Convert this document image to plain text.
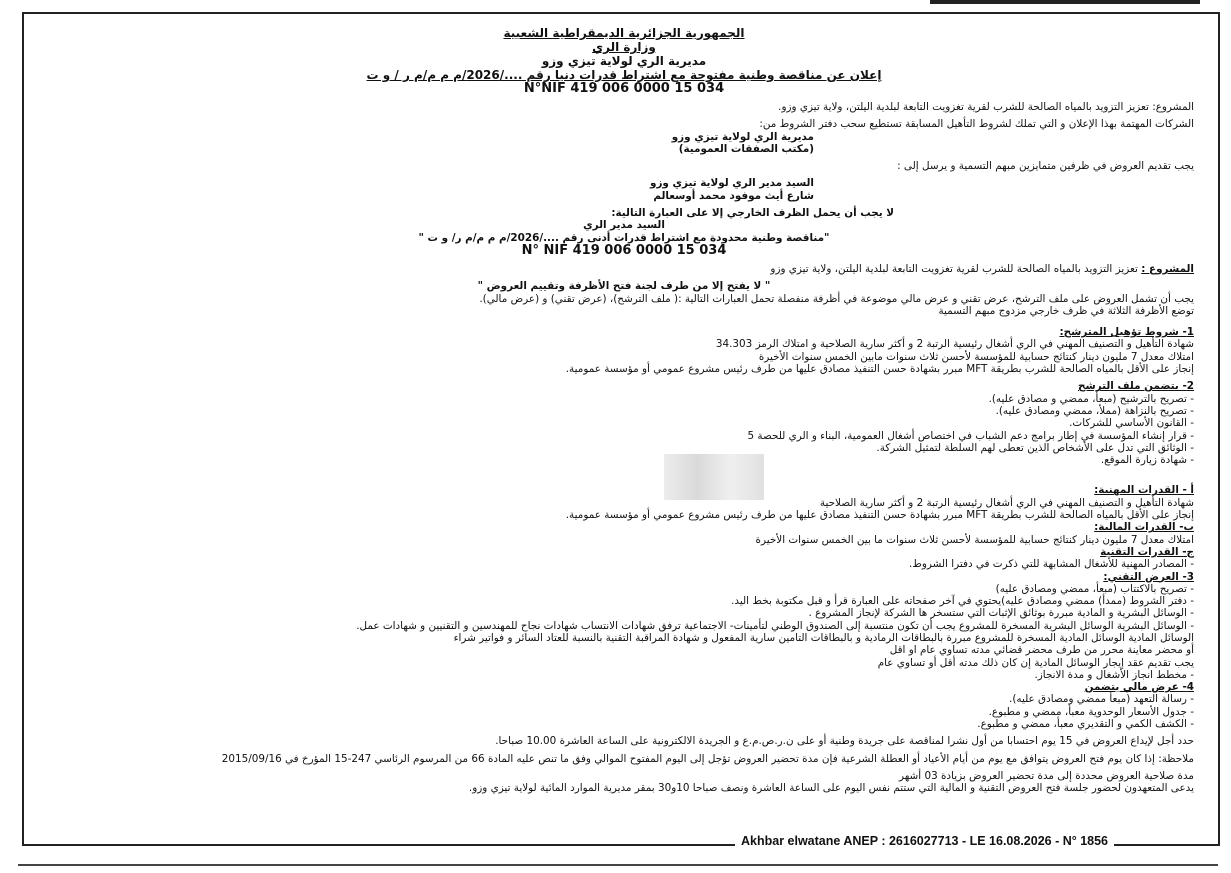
الجمهورية الجزائرية الديمقراطية الشعبية

وزارة الري

مديرية الري لولاية تيزي وزو

إعلان عن مناقصة وطنية مفتوحة مع اشتراط قدرات دنيا رقم ..../2026/م م م/م ر / و ت

N°NIF 419 006 0000 15 034

المشروع: تعزيز التزويد بالمياه الصالحة للشرب لقرية تغزويت التابعة لبلدية اليلتن، ولاية تيزي وزو.

الشركات المهتمة بهذا الإعلان و التي تملك لشروط التأهيل المسابقة تستطيع سحب دفتر الشروط من:

مديرية الري لولاية تيزي وزو

(مكتب الصفقات العمومية)

يجب تقديم العروض في ظرفين متمايزين مبهم التسمية و يرسل إلى :

السيد مدير الري لولاية تيزي وزو

شارع أيث موفود محمد أوسعالم

لا يجب أن يحمل الظرف الخارجي إلا على العبارة التالية:

السيد مدير الري

"مناقصة وطنية محدودة مع اشتراط قدرات أدنى رقم ..../2026/م م م/م ر/ و ت "

N° NIF 419 006 0000 15 034

المشروع : تعزيز التزويد بالمياه الصالحة للشرب لقرية تغزويت التابعة لبلدية اليلتن، ولاية تيزي وزو

" لا يفتح إلا من طرف لجنة فتح الأظرفة وتقييم العروض "

يجب أن تشمل العروض على ملف الترشح، عرض تقني و عرض مالي موضوعة في أظرفة منفصلة تحمل العبارات التالية :( ملف الترشح)، (عرض تقني) و (عرض مالي).

توضع الأظرفة الثلاثة في ظرف خارجي مزدوج مبهم التسمية

1- شروط تؤهيل المترشح:

شهادة التأهيل و التصنيف المهني في الري أشغال رئيسية الرتبة 2 و أكثر سارية الصلاحية و امتلاك الرمز 34.303

امتلاك معدل 7 مليون دينار كنتائج حسابية للمؤسسة لأحسن ثلاث سنوات مابين الخمس سنوات الأخيرة

إنجاز على الأقل بالمياه الصالحة للشرب بطريقة MFT مبرر بشهادة حسن التنفيذ مصادق عليها من طرف رئيس مشروع عمومي أو مؤسسة عمومية.

2- يتضمن ملف الترشح

- تصريح بالترشيح (مبعأ، ممضي و مصادق عليه).

- تصريح بالنزاهة (مملأ، ممضي ومصادق عليه).

- القانون الأساسي للشركات.

- قرار إنشاء المؤسسة في إطار برامج دعم الشباب في اختصاص أشغال العمومية، البناء و الري للحصة 5

- الوثائق التي تدل على الأشخاص الذين تعطى لهم السلطة لتمثيل الشركة.

- شهادة زيارة الموقع.

أ - القدرات المهنية:

شهادة التأهيل و التصنيف المهني في الري أشغال رئيسية الرتبة 2 و أكثر سارية الصلاحية

إنجاز على الأقل بالمياه الصالحة للشرب بطريقة MFT مبرر بشهادة حسن التنفيذ مصادق عليها من طرف رئيس مشروع عمومي أو مؤسسة عمومية.

ب- القدرات المالية:

امتلاك معدل 7 مليون دينار كنتائج حسابية للمؤسسة لأحسن ثلاث سنوات ما بين الخمس سنوات الأخيرة

ج- القدرات التقنية

- المصادر المهنية للأشغال المشابهة للتي ذكرت في دفترا الشروط.

3- العرض التقني:

- تصريح بالاكتتاب (مبعأ، ممضي ومصادق عليه)

- دفتر الشروط (ممدأ) ممضي ومصادق عليه)يحتوي في آخر صفحاته على العبارة قرأ و قبل مكتوبة بخط اليد.

- الوسائل البشرية و المادية مبررة بوثائق الإثبات التي ستسخر ها الشركة لإنجاز المشروع .

- الوسائل البشرية الوسائل البشرية المسخرة للمشروع يجب أن تكون منتسبة إلى الصندوق الوطني لتأمينات- الاجتماعية ترفق شهادات الانتساب شهادات نجاح للمهندسين و التقنيين و شهادات عمل.

الوسائل المادية الوسائل المادية المسخرة للمشروع مبررة بالبطاقات الرمادية و بالبطاقات التامين سارية المفعول و شهادة المراقبة التقنية بالنسبة للعتاد السائر و فواتير شراء

أو محضر معاينة محرر من طرف محضر قضائي مدته تساوي عام او اقل

يجب تقديم عقد إيجار الوسائل المادية إن كان ذلك مدته أقل أو تساوي عام

- مخطط انجاز الأشغال و مدة الانجاز.

4- عرض مالي يتضمن

- رسالة التعهد (مبعأ ممضي ومصادق عليه).

- جدول الأسعار الوحدوية معبأ، ممضي و مطبوع.

- الكشف الكمي و التقديري معبأ، ممضي و مطبوع.

حدد أجل لإيداع العروض في 15 يوم احتسابا من أول نشرا لمناقصة على جريدة وطنية أو على ن.ر.ص.م.ع و الجريدة الالكترونية على الساعة العاشرة 10.00 صباحا.

ملاحظة: إذا كان يوم فتح العروض يتوافق مع يوم من أيام الأعياد أو العطلة الشرعية فإن مدة تحضير العروض تؤجل إلى اليوم المفتوح الموالي وفق ما تنص عليه المادة 66 من المرسوم الرئاسي 247-15 المؤرخ في 2015/09/16

مدة صلاحية العروض محددة إلى مدة تحضير العروض بزيادة 03 أشهر

يدعى المتعهدون لحضور جلسة فتح العروض التقنية و المالية التي ستتم نفس اليوم على الساعة العاشرة ونصف صباحا 10و30 بمقر مديرية الموارد المائية لولاية تيزي وزو.

Akhbar elwatane ANEP : 2616027713 - LE 16.08.2026 - N° 1856
